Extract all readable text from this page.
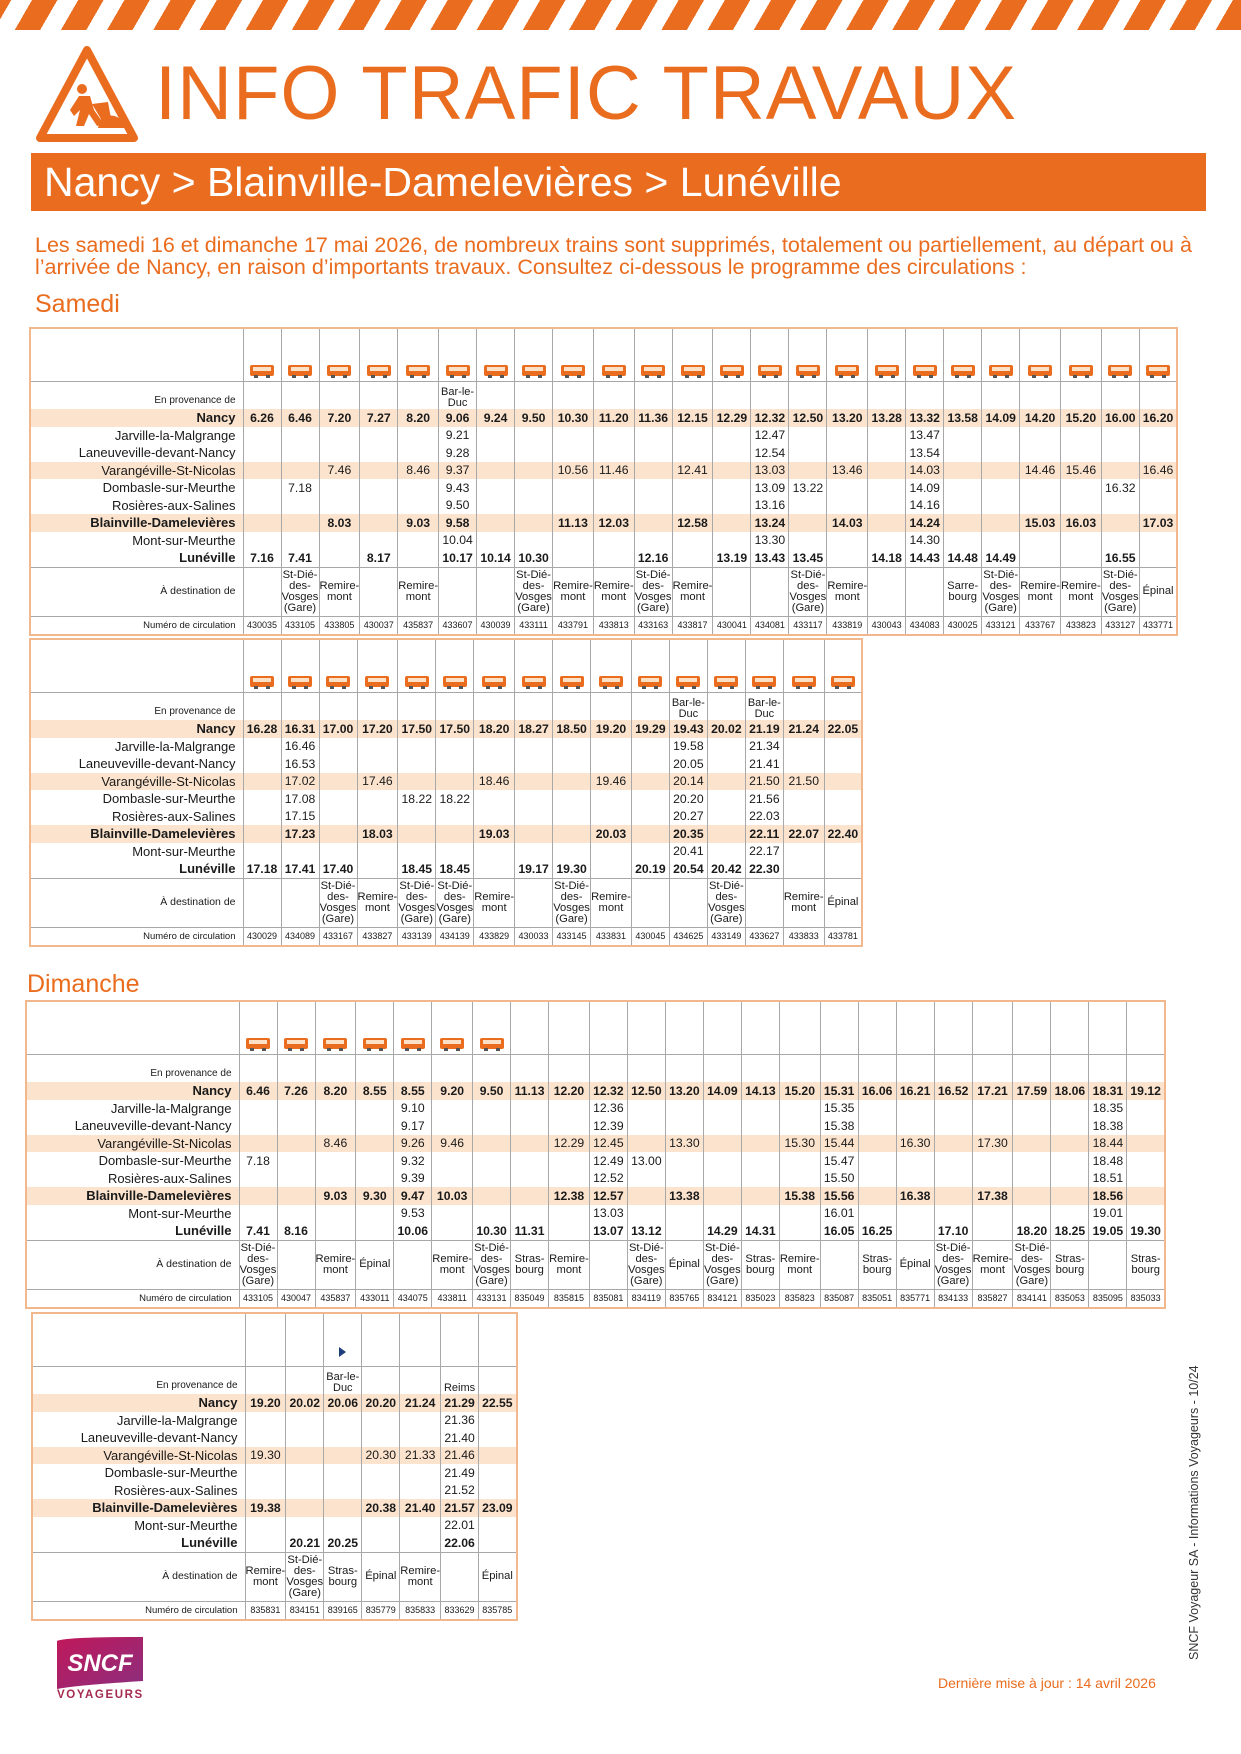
INFO TRAFIC TRAVAUX
Nancy > Blainville-Damelevières > Lunéville
Les samedi 16 et dimanche 17 mai 2026, de nombreux trains sont supprimés, totalement ou partiellement, au départ ou à l’arrivée de Nancy, en raison d’importants travaux. Consultez ci-dessous le programme des circulations :
Samedi

En provenance de						Bar-le-Duc																		
Nancy	6.26	6.46	7.20	7.27	8.20	9.06	9.24	9.50	10.30	11.20	11.36	12.15	12.29	12.32	12.50	13.20	13.28	13.32	13.58	14.09	14.20	15.20	16.00	16.20
Jarville-la-Malgrange						9.21								12.47				13.47						
Laneuveville-devant-Nancy						9.28								12.54				13.54						
Varangéville-St-Nicolas			7.46		8.46	9.37			10.56	11.46		12.41		13.03		13.46		14.03			14.46	15.46		16.46
Dombasle-sur-Meurthe		7.18				9.43								13.09	13.22			14.09					16.32	
Rosières-aux-Salines						9.50								13.16				14.16						
Blainville-Damelevières			8.03		9.03	9.58			11.13	12.03		12.58		13.24		14.03		14.24			15.03	16.03		17.03
Mont-sur-Meurthe						10.04								13.30				14.30						
Lunéville	7.16	7.41		8.17		10.17	10.14	10.30			12.16		13.19	13.43	13.45		14.18	14.43	14.48	14.49			16.55	
À destination de		St-Dié-des-Vosges (Gare)	Remire-mont		Remire-mont			St-Dié-des-Vosges (Gare)	Remire-mont	Remire-mont	St-Dié-des-Vosges (Gare)	Remire-mont			St-Dié-des-Vosges (Gare)	Remire-mont			Sarre-bourg	St-Dié-des-Vosges (Gare)	Remire-mont	Remire-mont	St-Dié-des-Vosges (Gare)	Épinal
Numéro de circulation	430035	433105	433805	430037	435837	433607	430039	433111	433791	433813	433163	433817	430041	434081	433117	433819	430043	434083	430025	433121	433767	433823	433127	433771

En provenance de												Bar-le-Duc		Bar-le-Duc		
Nancy	16.28	16.31	17.00	17.20	17.50	17.50	18.20	18.27	18.50	19.20	19.29	19.43	20.02	21.19	21.24	22.05
Jarville-la-Malgrange		16.46										19.58		21.34		
Laneuveville-devant-Nancy		16.53										20.05		21.41		
Varangéville-St-Nicolas		17.02		17.46			18.46			19.46		20.14		21.50	21.50	
Dombasle-sur-Meurthe		17.08			18.22	18.22						20.20		21.56		
Rosières-aux-Salines		17.15										20.27		22.03		
Blainville-Damelevières		17.23		18.03			19.03			20.03		20.35		22.11	22.07	22.40
Mont-sur-Meurthe												20.41		22.17		
Lunéville	17.18	17.41	17.40		18.45	18.45		19.17	19.30		20.19	20.54	20.42	22.30		
À destination de			St-Dié-des-Vosges (Gare)	Remire-mont	St-Dié-des-Vosges (Gare)	St-Dié-des-Vosges (Gare)	Remire-mont		St-Dié-des-Vosges (Gare)	Remire-mont			St-Dié-des-Vosges (Gare)		Remire-mont	Épinal
Numéro de circulation	430029	434089	433167	433827	433139	434139	433829	430033	433145	433831	430045	434625	433149	433627	433833	433781
Dimanche

En provenance de																								
Nancy	6.46	7.26	8.20	8.55	8.55	9.20	9.50	11.13	12.20	12.32	12.50	13.20	14.09	14.13	15.20	15.31	16.06	16.21	16.52	17.21	17.59	18.06	18.31	19.12
Jarville-la-Malgrange					9.10					12.36						15.35							18.35	
Laneuveville-devant-Nancy					9.17					12.39						15.38							18.38	
Varangéville-St-Nicolas			8.46		9.26	9.46			12.29	12.45		13.30			15.30	15.44		16.30		17.30			18.44	
Dombasle-sur-Meurthe	7.18				9.32					12.49	13.00					15.47							18.48	
Rosières-aux-Salines					9.39					12.52						15.50							18.51	
Blainville-Damelevières			9.03	9.30	9.47	10.03			12.38	12.57		13.38			15.38	15.56		16.38		17.38			18.56	
Mont-sur-Meurthe					9.53					13.03						16.01							19.01	
Lunéville	7.41	8.16			10.06		10.30	11.31		13.07	13.12		14.29	14.31		16.05	16.25		17.10		18.20	18.25	19.05	19.30
À destination de	St-Dié-des-Vosges (Gare)		Remire-mont	Épinal		Remire-mont	St-Dié-des-Vosges (Gare)	Stras-bourg	Remire-mont		St-Dié-des-Vosges (Gare)	Épinal	St-Dié-des-Vosges (Gare)	Stras-bourg	Remire-mont		Stras-bourg	Épinal	St-Dié-des-Vosges (Gare)	Remire-mont	St-Dié-des-Vosges (Gare)	Stras-bourg		Stras-bourg
Numéro de circulation	433105	430047	435837	433011	434075	433811	433131	835049	835815	835081	834119	835765	834121	835023	835823	835087	835051	835771	834133	835827	834141	835053	835095	835033

En provenance de			Bar-le-Duc			Reims	
Nancy	19.20	20.02	20.06	20.20	21.24	21.29	22.55
Jarville-la-Malgrange						21.36	
Laneuveville-devant-Nancy						21.40	
Varangéville-St-Nicolas	19.30			20.30	21.33	21.46	
Dombasle-sur-Meurthe						21.49	
Rosières-aux-Salines						21.52	
Blainville-Damelevières	19.38			20.38	21.40	21.57	23.09
Mont-sur-Meurthe						22.01	
Lunéville		20.21	20.25			22.06	
À destination de	Remire-mont	St-Dié-des-Vosges (Gare)	Stras-bourg	Épinal	Remire-mont		Épinal
Numéro de circulation	835831	834151	839165	835779	835833	833629	835785
SNCF
VOYAGEURS
Dernière mise à jour : 14 avril 2026
SNCF Voyageur SA - Informations Voyageurs - 10/24
